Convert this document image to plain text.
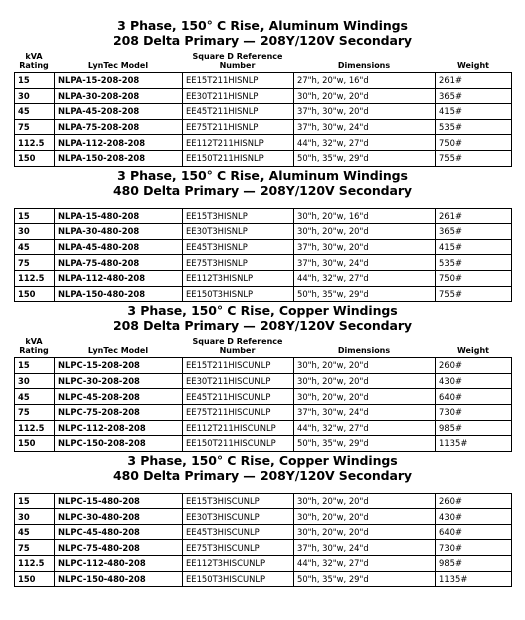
3 Phase, 150° C Rise, Aluminum Windings
208 Delta Primary — 208Y/120V Secondary
kVA
Rating	LynTec Model
Square D Reference
Number	Dimensions	Weight
15	NLPA-15-208-208	EE15T211HISNLP	27"h, 20"w, 16"d	261#
30	NLPA-30-208-208	EE30T211HISNLP	30"h, 20"w, 20"d	365#
45	NLPA-45-208-208	EE45T211HISNLP	37"h, 30"w, 20"d	415#
75	NLPA-75-208-208	EE75T211HISNLP	37"h, 30"w, 24"d	535#
112.5	NLPA-112-208-208	EE112T211HISNLP	44"h, 32"w, 27"d	750#
150	NLPA-150-208-208	EE150T211HISNLP	50"h, 35"w, 29"d	755#
3 Phase, 150° C Rise, Aluminum Windings
480 Delta Primary — 208Y/120V Secondary
15	NLPA-15-480-208	EE15T3HISNLP	30"h, 20"w, 16"d	261#
30	NLPA-30-480-208	EE30T3HISNLP	30"h, 20"w, 20"d	365#
45	NLPA-45-480-208	EE45T3HISNLP	37"h, 30"w, 20"d	415#
75	NLPA-75-480-208	EE75T3HISNLP	37"h, 30"w, 24"d	535#
112.5	NLPA-112-480-208	EE112T3HISNLP	44"h, 32"w, 27"d	750#
150	NLPA-150-480-208	EE150T3HISNLP	50"h, 35"w, 29"d	755#
3 Phase, 150° C Rise, Copper Windings
208 Delta Primary — 208Y/120V Secondary
kVA
Rating	LynTec Model
Square D Reference
Number	Dimensions	Weight
15	NLPC-15-208-208	EE15T211HISCUNLP	30"h, 20"w, 20"d	260#
30	NLPC-30-208-208	EE30T211HISCUNLP	30"h, 20"w, 20"d	430#
45	NLPC-45-208-208	EE45T211HISCUNLP	30"h, 20"w, 20"d	640#
75	NLPC-75-208-208	EE75T211HISCUNLP	37"h, 30"w, 24"d	730#
112.5	NLPC-112-208-208	EE112T211HISCUNLP	44"h, 32"w, 27"d	985#
150	NLPC-150-208-208	EE150T211HISCUNLP	50"h, 35"w, 29"d	1135#
3 Phase, 150° C Rise, Copper Windings
480 Delta Primary — 208Y/120V Secondary
15	NLPC-15-480-208	EE15T3HISCUNLP	30"h, 20"w, 20"d	260#
30	NLPC-30-480-208	EE30T3HISCUNLP	30"h, 20"w, 20"d	430#
45	NLPC-45-480-208	EE45T3HISCUNLP	30"h, 20"w, 20"d	640#
75	NLPC-75-480-208	EE75T3HISCUNLP	37"h, 30"w, 24"d	730#
112.5	NLPC-112-480-208	EE112T3HISCUNLP	44"h, 32"w, 27"d	985#
150	NLPC-150-480-208	EE150T3HISCUNLP	50"h, 35"w, 29"d	1135#
